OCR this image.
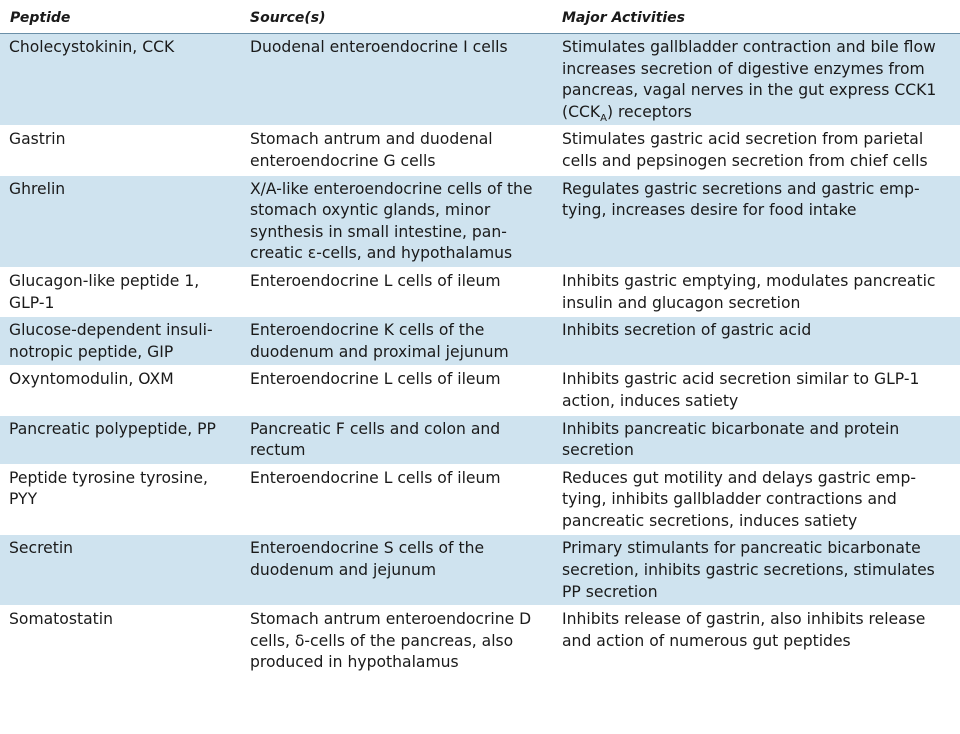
Peptide	Source(s)	Major Activities
Cholecystokinin, CCK	Duodenal enteroendocrine I cells	Stimulates gallbladder contraction and bile flow increases secretion of digestive enzymes from pancreas, vagal nerves in the gut express CCK1 $(CCK_A)$ receptors
Gastrin	Stomach antrum and duodenal enteroendocrine G cells	Stimulates gastric acid secretion from parietal cells and pepsinogen secretion from chief cells
Ghrelin	X/A-like enteroendocrine cells of the stomach oxyntic glands, minor synthesis in small intestine, pancreatic ε-cells, and hypothalamus	Regulates gastric secretions and gastric emptying, increases desire for food intake
Glucagon-like peptide 1, GLP-1	Enteroendocrine L cells of ileum	Inhibits gastric emptying, modulates pancreatic insulin and glucagon secretion
Glucose-dependent insulinotropic peptide, GIP	Enteroendocrine K cells of the duodenum and proximal jejunum	Inhibits secretion of gastric acid
Oxyntomodulin, OXM	Enteroendocrine L cells of ileum	Inhibits gastric acid secretion similar to GLP-1 action, induces satiety
Pancreatic polypeptide, PP	Pancreatic F cells and colon and rectum	Inhibits pancreatic bicarbonate and protein secretion
Peptide tyrosine tyrosine, PYY	Enteroendocrine L cells of ileum	Reduces gut motility and delays gastric emptying, inhibits gallbladder contractions and pancreatic secretions, induces satiety
Secretin	Enteroendocrine S cells of the duodenum and jejunum	Primary stimulants for pancreatic bicarbonate secretion, inhibits gastric secretions, stimulates PP secretion
Somatostatin	Stomach antrum enteroendocrine D cells, δ-cells of the pancreas, also produced in hypothalamus	Inhibits release of gastrin, also inhibits release and action of numerous gut peptides
